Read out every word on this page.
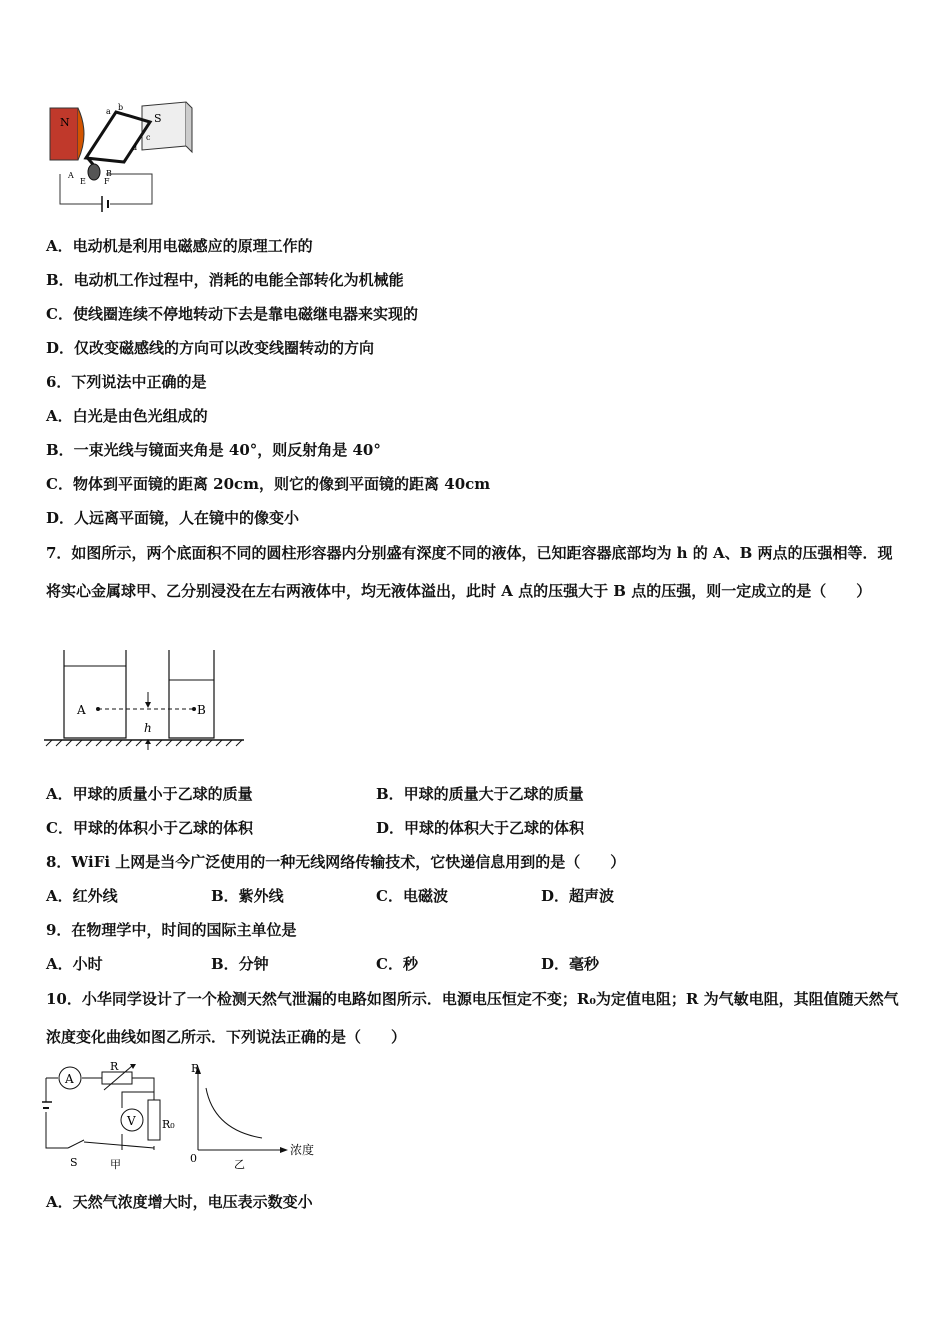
N	S
a b
c
d
E F
A	B
A．电动机是利用电磁感应的原理工作的
B．电动机工作过程中，消耗的电能全部转化为机械能
C．使线圈连续不停地转动下去是靠电磁继电器来实现的
D．仅改变磁感线的方向可以改变线圈转动的方向
6．下列说法中正确的是
A．白光是由色光组成的
B．一束光线与镜面夹角是 40°，则反射角是 40°
C．物体到平面镜的距离 20cm，则它的像到平面镜的距离 40cm
D．人远离平面镜，人在镜中的像变小
7．如图所示，两个底面积不同的圆柱形容器内分别盛有深度不同的液体，已知距容器底部均为 h 的 A、B 两点的压强相等．现将实心金属球甲、乙分别浸没在左右两液体中，均无液体溢出，此时 A 点的压强大于 B 点的压强，则一定成立的是（　　）
A	B
h
A．甲球的质量小于乙球的质量	B．甲球的质量大于乙球的质量
C．甲球的体积小于乙球的体积	D．甲球的体积大于乙球的体积
8．WiFi 上网是当今广泛使用的一种无线网络传输技术，它快递信息用到的是（　　）
A．红外线	B．紫外线	C．电磁波	D．超声波
9．在物理学中，时间的国际主单位是
A．小时	B．分钟	C．秒	D．毫秒
10．小华同学设计了一个检测天然气泄漏的电路如图所示．电源电压恒定不变；R₀为定值电阻；R 为气敏电阻，其阻值随天然气浓度变化曲线如图乙所示．下列说法正确的是（　　）
A
R
S
R₀
V
甲
R
浓度
0	乙
A．天然气浓度增大时，电压表示数变小
